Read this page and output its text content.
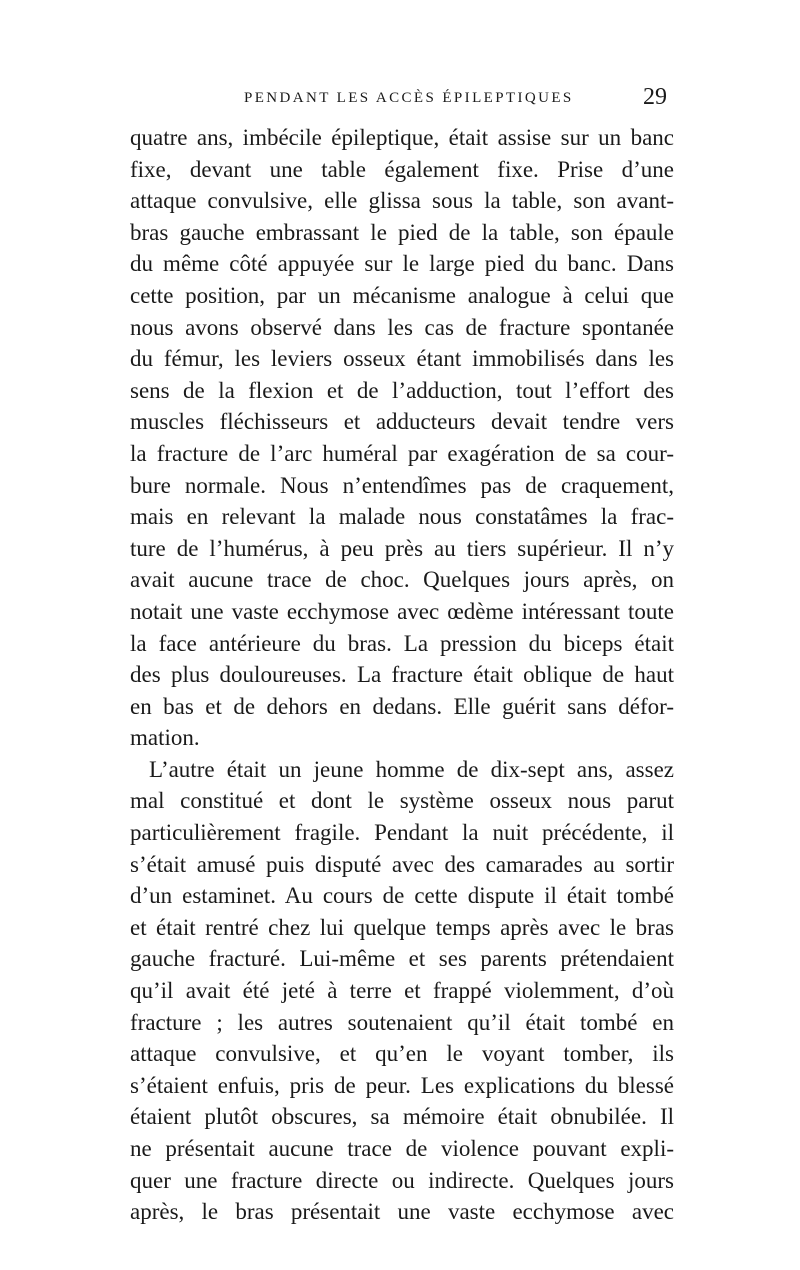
PENDANT LES ACCÈS ÉPILEPTIQUES	29
quatre ans, imbécile épileptique, était assise sur un banc
fixe, devant une table également fixe. Prise d’une
attaque convulsive, elle glissa sous la table, son avant-
bras gauche embrassant le pied de la table, son épaule
du même côté appuyée sur le large pied du banc. Dans
cette position, par un mécanisme analogue à celui que
nous avons observé dans les cas de fracture spontanée
du fémur, les leviers osseux étant immobilisés dans les
sens de la flexion et de l’adduction, tout l’effort des
muscles fléchisseurs et adducteurs devait tendre vers
la fracture de l’arc huméral par exagération de sa cour-
bure normale. Nous n’entendîmes pas de craquement,
mais en relevant la malade nous constatâmes la frac-
ture de l’humérus, à peu près au tiers supérieur. Il n’y
avait aucune trace de choc. Quelques jours après, on
notait une vaste ecchymose avec œdème intéressant toute
la face antérieure du bras. La pression du biceps était
des plus douloureuses. La fracture était oblique de haut
en bas et de dehors en dedans. Elle guérit sans défor-
mation.
L’autre était un jeune homme de dix-sept ans, assez
mal constitué et dont le système osseux nous parut
particulièrement fragile. Pendant la nuit précédente, il
s’était amusé puis disputé avec des camarades au sortir
d’un estaminet. Au cours de cette dispute il était tombé
et était rentré chez lui quelque temps après avec le bras
gauche fracturé. Lui-même et ses parents prétendaient
qu’il avait été jeté à terre et frappé violemment, d’où
fracture ; les autres soutenaient qu’il était tombé en
attaque convulsive, et qu’en le voyant tomber, ils
s’étaient enfuis, pris de peur. Les explications du blessé
étaient plutôt obscures, sa mémoire était obnubilée. Il
ne présentait aucune trace de violence pouvant expli-
quer une fracture directe ou indirecte. Quelques jours
après, le bras présentait une vaste ecchymose avec
